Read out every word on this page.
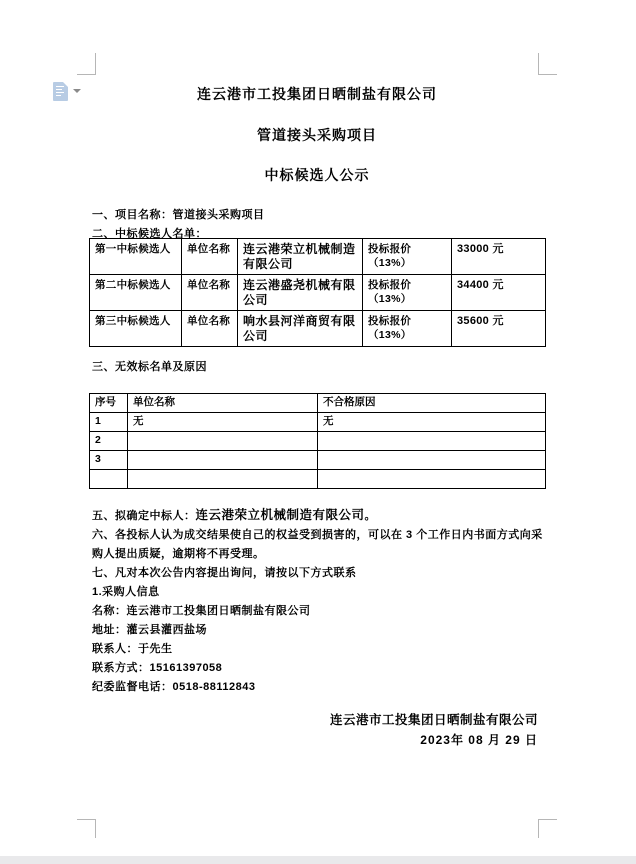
连云港市工投集团日晒制盐有限公司
管道接头采购项目
中标候选人公示
一、项目名称：管道接头采购项目
二、中标候选人名单：
第一中标候选人	单位名称	连云港荣立机械制造有限公司	投标报价（13%）	33000 元
第二中标候选人	单位名称	连云港盛尧机械有限公司	投标报价（13%）	34400 元
第三中标候选人	单位名称	响水县河洋商贸有限公司	投标报价（13%）	35600 元
三、无效标名单及原因
序号	单位名称	不合格原因
1	无	无
2		
3		

五、拟确定中标人：连云港荣立机械制造有限公司。

六、各投标人认为成交结果使自己的权益受到损害的，可以在 3 个工作日内书面方式向采购人提出质疑，逾期将不再受理。

七、凡对本次公告内容提出询问，请按以下方式联系

1.采购人信息

名称：连云港市工投集团日晒制盐有限公司

地址：灌云县灌西盐场

联系人：于先生

联系方式：15161397058

纪委监督电话：0518-88112843

连云港市工投集团日晒制盐有限公司
2023年 08 月 29 日
